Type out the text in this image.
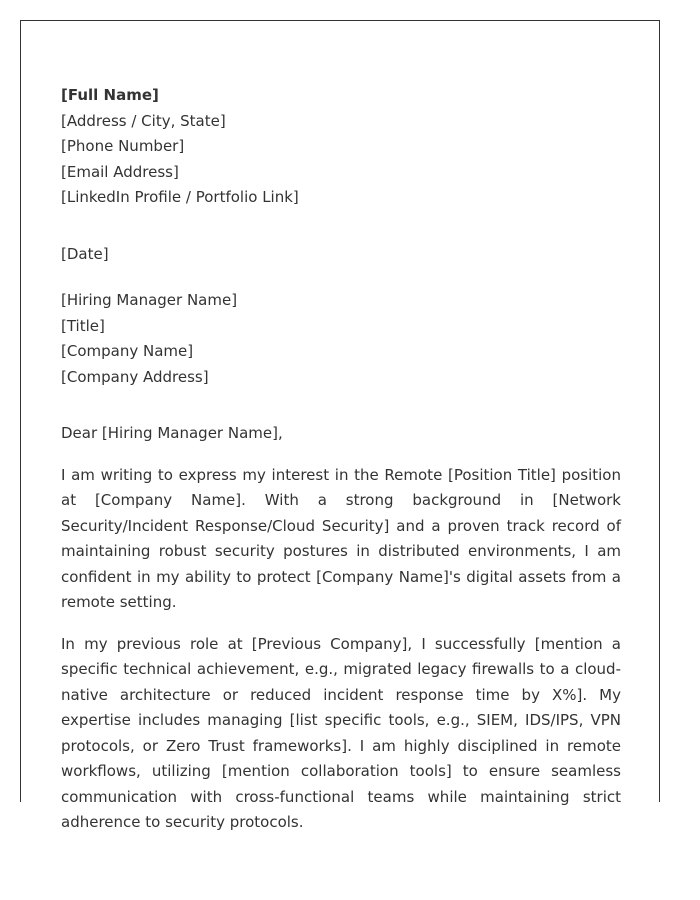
[Full Name]
[Address / City, State]
[Phone Number]
[Email Address]
[LinkedIn Profile / Portfolio Link]
[Date]
[Hiring Manager Name]
[Title]
[Company Name]
[Company Address]
Dear [Hiring Manager Name],

I am writing to express my interest in the Remote [Position Title] position at [Company Name]. With a strong background in [Network Security/Incident Response/Cloud Security] and a proven track record of maintaining robust security postures in distributed environments, I am confident in my ability to protect [Company Name]'s digital assets from a remote setting.

In my previous role at [Previous Company], I successfully [mention a specific technical achievement, e.g., migrated legacy firewalls to a cloud-native architecture or reduced incident response time by X%]. My expertise includes managing [list specific tools, e.g., SIEM, IDS/IPS, VPN protocols, or Zero Trust frameworks]. I am highly disciplined in remote workflows, utilizing [mention collaboration tools] to ensure seamless communication with cross-functional teams while maintaining strict adherence to security protocols.
